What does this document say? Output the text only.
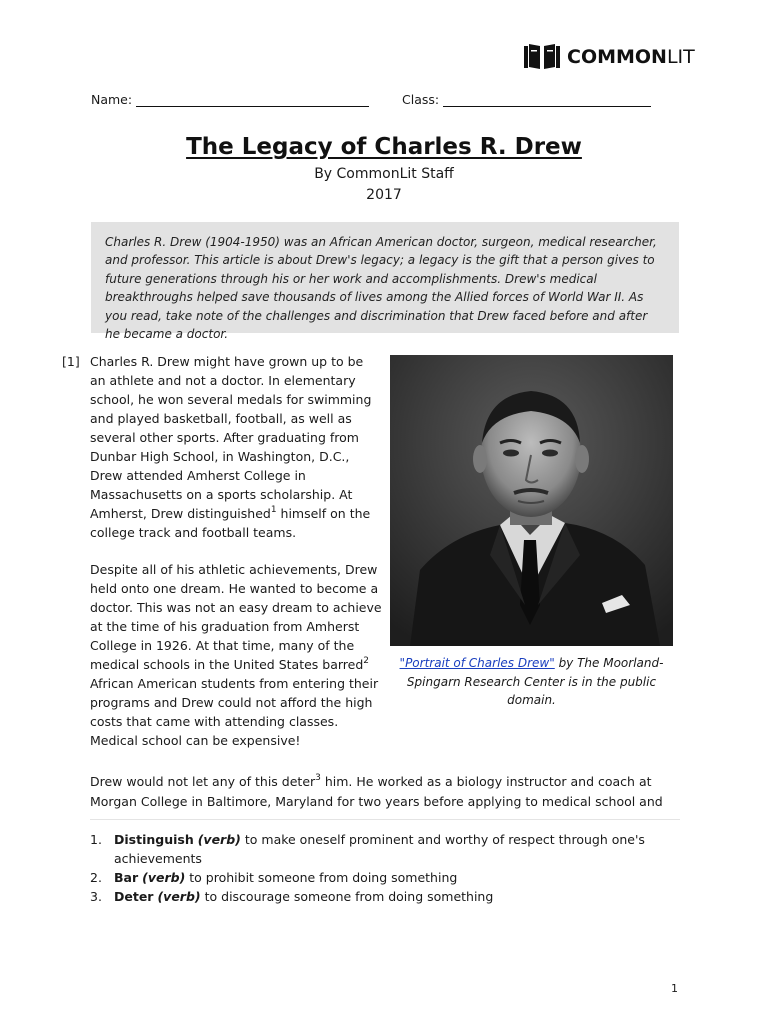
COMMONLIT
Name:	Class:
The Legacy of Charles R. Drew
By CommonLit Staff
2017

Charles R. Drew (1904-1950) was an African American doctor, surgeon, medical researcher, and professor. This article is about Drew's legacy; a legacy is the gift that a person gives to future generations through his or her work and accomplishments. Drew's medical breakthroughs helped save thousands of lives among the Allied forces of World War II. As you read, take note of the challenges and discrimination that Drew faced before and after he became a doctor.

[1] Charles R. Drew might have grown up to be an athlete and not a doctor. In elementary school, he won several medals for swimming and played basketball, football, as well as several other sports. After graduating from Dunbar High School, in Washington, D.C., Drew attended Amherst College in Massachusetts on a sports scholarship. At Amherst, Drew distinguished$^1$ himself on the college track and football teams.

Despite all of his athletic achievements, Drew held onto one dream. He wanted to become a doctor. This was not an easy dream to achieve at the time of his graduation from Amherst College in 1926. At that time, many of the medical schools in the United States barred$^2$ African American students from entering their programs and Drew could not afford the high costs that came with attending classes. Medical school can be expensive!

"Portrait of Charles Drew" by The Moorland-Spingarn Research Center is in the public domain.
Drew would not let any of this deter$^3$ him. He worked as a biology instructor and coach at Morgan College in Baltimore, Maryland for two years before applying to medical school and
1. Distinguish (verb) to make oneself prominent and worthy of respect through one's achievements
2. Bar (verb) to prohibit someone from doing something
3. Deter (verb) to discourage someone from doing something
1
